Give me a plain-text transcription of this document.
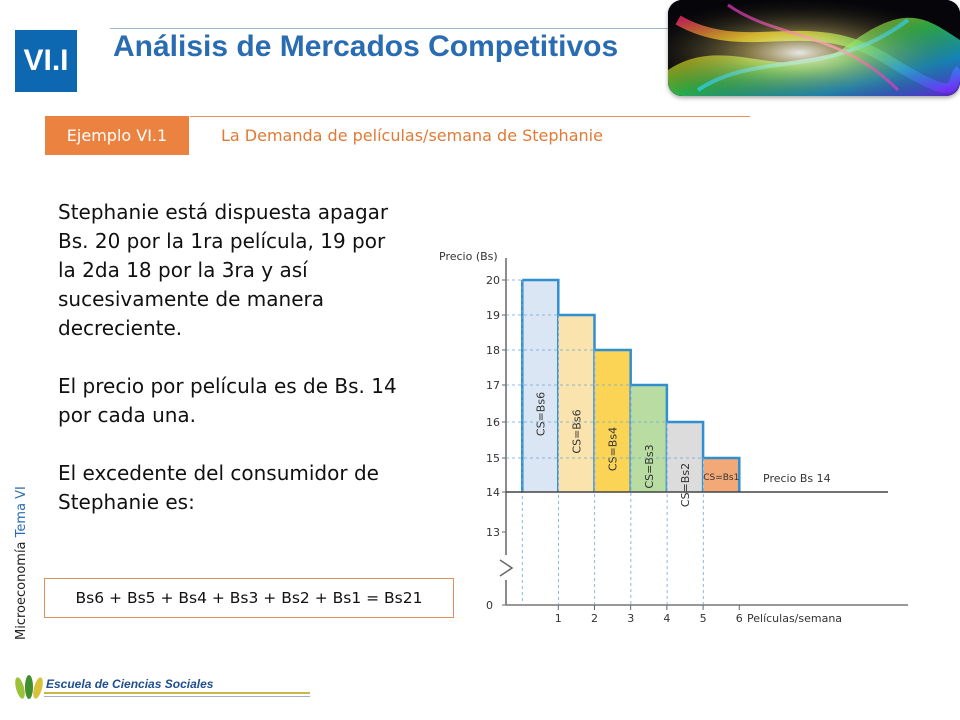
VI.I Análisis de Mercados Competitivos
Ejemplo VI.1	La Demanda de películas/semana de Stephanie

Stephanie está dispuesta apagar Bs. 20 por la 1ra película, 19 por la 2da 18 por la 3ra y así sucesivamente de manera decreciente.

El precio por película es de Bs. 14 por cada una.

El excedente del consumidor de Stephanie es:

Bs6 + Bs5 + Bs4 + Bs3 + Bs2 + Bs1 = Bs21
Microeconomía Tema VI
Escuela de Ciencias Sociales
CS=Bs6 CS=Bs6 CS=Bs4 CS=Bs3 CS=Bs2 CS=Bs1 Precio Bs 14
0
13
14
15
16
17
18
19
20
1	2	3	4	5	6
Precio (Bs)
Películas/semana
